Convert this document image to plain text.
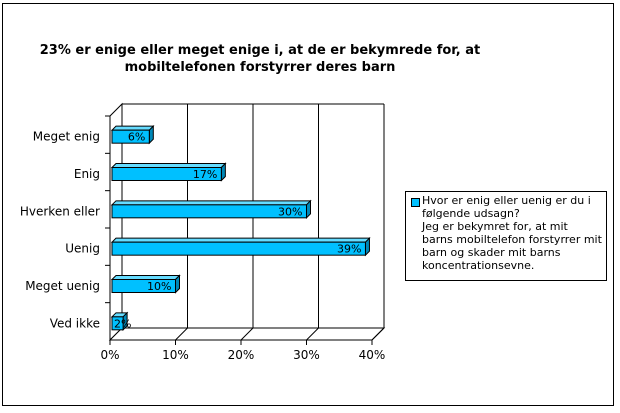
23% er enige eller meget enige i, at de er bekymrede for, at mobiltelefonen forstyrrer deres barn

0%	10%	20%	30%	40%
Meget enig	6%
Enig	17%
Hverken eller	30%
Uenig	39%
Meget uenig	10%
Ved ikke 2%
Hvor er enig eller uenig er du i følgende udsagn?
Jeg er bekymret for, at mit barns mobiltelefon forstyrrer mit barn og skader mit barns koncentrationsevne.
